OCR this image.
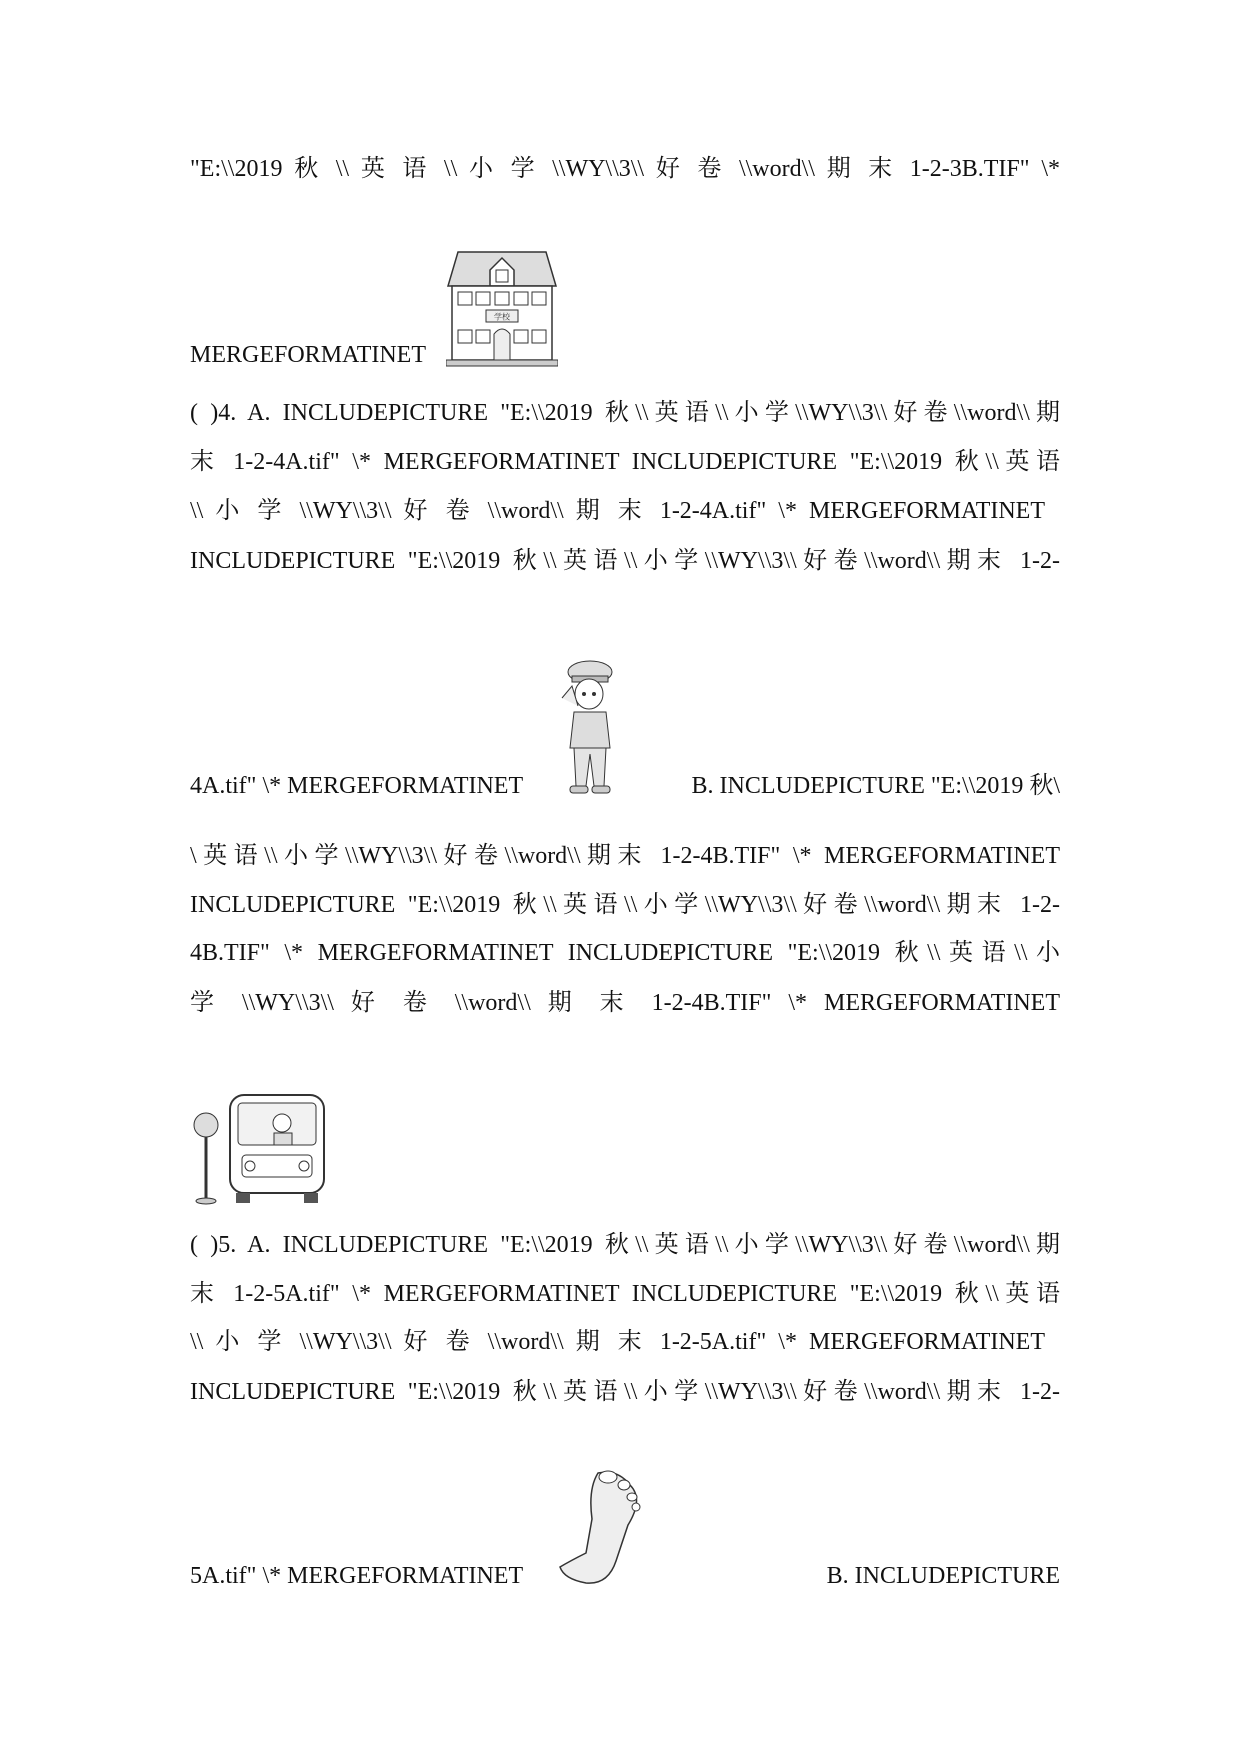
"E:\\2019 秋 \\ 英 语 \\ 小 学 \\WY\\3\\ 好 卷 \\word\\ 期 末 1-2-3B.TIF" \*
MERGEFORMATINET
学校
( )4. A. INCLUDEPICTURE "E:\\2019 秋\\英语\\小学\\WY\\3\\好卷\\word\\期
末 1-2-4A.tif" \* MERGEFORMATINET INCLUDEPICTURE "E:\\2019 秋\\英语
\\ 小 学 \\WY\\3\\ 好 卷 \\word\\ 期 末 1-2-4A.tif" \* MERGEFORMATINET
INCLUDEPICTURE "E:\\2019 秋\\英语\\小学\\WY\\3\\好卷\\word\\期末 1-2-
4A.tif" \* MERGEFORMATINET	B. INCLUDEPICTURE "E:\\2019 秋\
\英语\\小学\\WY\\3\\好卷\\word\\期末 1-2-4B.TIF" \* MERGEFORMATINET
INCLUDEPICTURE "E:\\2019 秋\\英语\\小学\\WY\\3\\好卷\\word\\期末 1-2-
4B.TIF" \* MERGEFORMATINET INCLUDEPICTURE "E:\\2019 秋\\英语\\小
学 \\WY\\3\\ 好 卷 \\word\\ 期 末 1-2-4B.TIF" \* MERGEFORMATINET
( )5. A. INCLUDEPICTURE "E:\\2019 秋\\英语\\小学\\WY\\3\\好卷\\word\\期
末 1-2-5A.tif" \* MERGEFORMATINET INCLUDEPICTURE "E:\\2019 秋\\英语
\\ 小 学 \\WY\\3\\ 好 卷 \\word\\ 期 末 1-2-5A.tif" \* MERGEFORMATINET
INCLUDEPICTURE "E:\\2019 秋\\英语\\小学\\WY\\3\\好卷\\word\\期末 1-2-
5A.tif" \* MERGEFORMATINET	B. INCLUDEPICTURE
